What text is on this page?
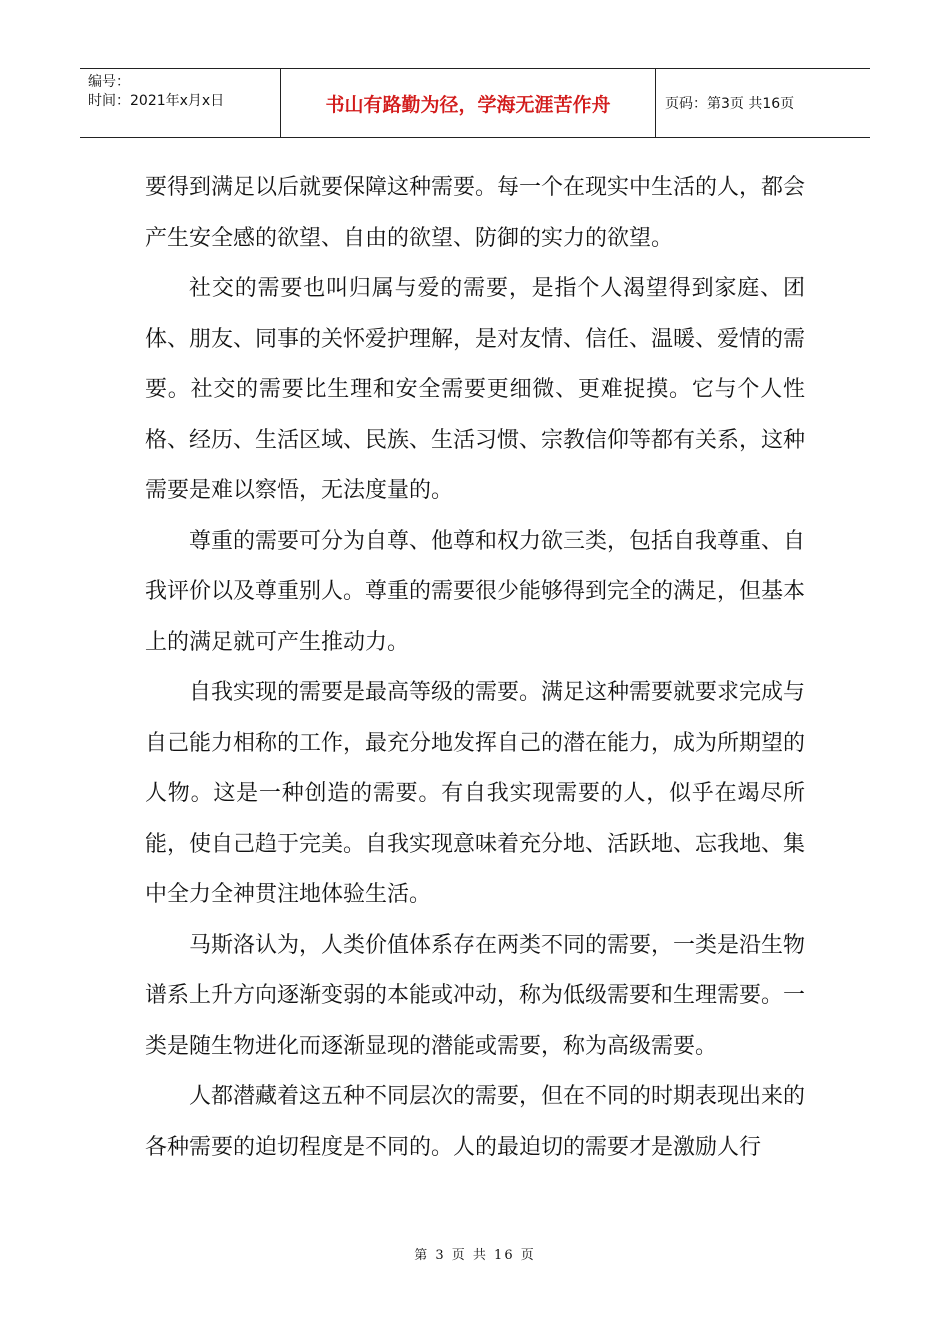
编号：
时间：2021年x月x日	书山有路勤为径，学海无涯苦作舟	页码：第3页 共16页

要得到满足以后就要保障这种需要。每一个在现实中生活的人，都会产生安全感的欲望、自由的欲望、防御的实力的欲望。

社交的需要也叫归属与爱的需要，是指个人渴望得到家庭、团体、朋友、同事的关怀爱护理解，是对友情、信任、温暖、爱情的需要。社交的需要比生理和安全需要更细微、更难捉摸。它与个人性格、经历、生活区域、民族、生活习惯、宗教信仰等都有关系，这种需要是难以察悟，无法度量的。

尊重的需要可分为自尊、他尊和权力欲三类，包括自我尊重、自我评价以及尊重别人。尊重的需要很少能够得到完全的满足，但基本上的满足就可产生推动力。

自我实现的需要是最高等级的需要。满足这种需要就要求完成与自己能力相称的工作，最充分地发挥自己的潜在能力，成为所期望的人物。这是一种创造的需要。有自我实现需要的人，似乎在竭尽所能，使自己趋于完美。自我实现意味着充分地、活跃地、忘我地、集中全力全神贯注地体验生活。

马斯洛认为，人类价值体系存在两类不同的需要，一类是沿生物谱系上升方向逐渐变弱的本能或冲动，称为低级需要和生理需要。一类是随生物进化而逐渐显现的潜能或需要，称为高级需要。

人都潜藏着这五种不同层次的需要，但在不同的时期表现出来的各种需要的迫切程度是不同的。人的最迫切的需要才是激励人行

第 3 页 共 16 页
